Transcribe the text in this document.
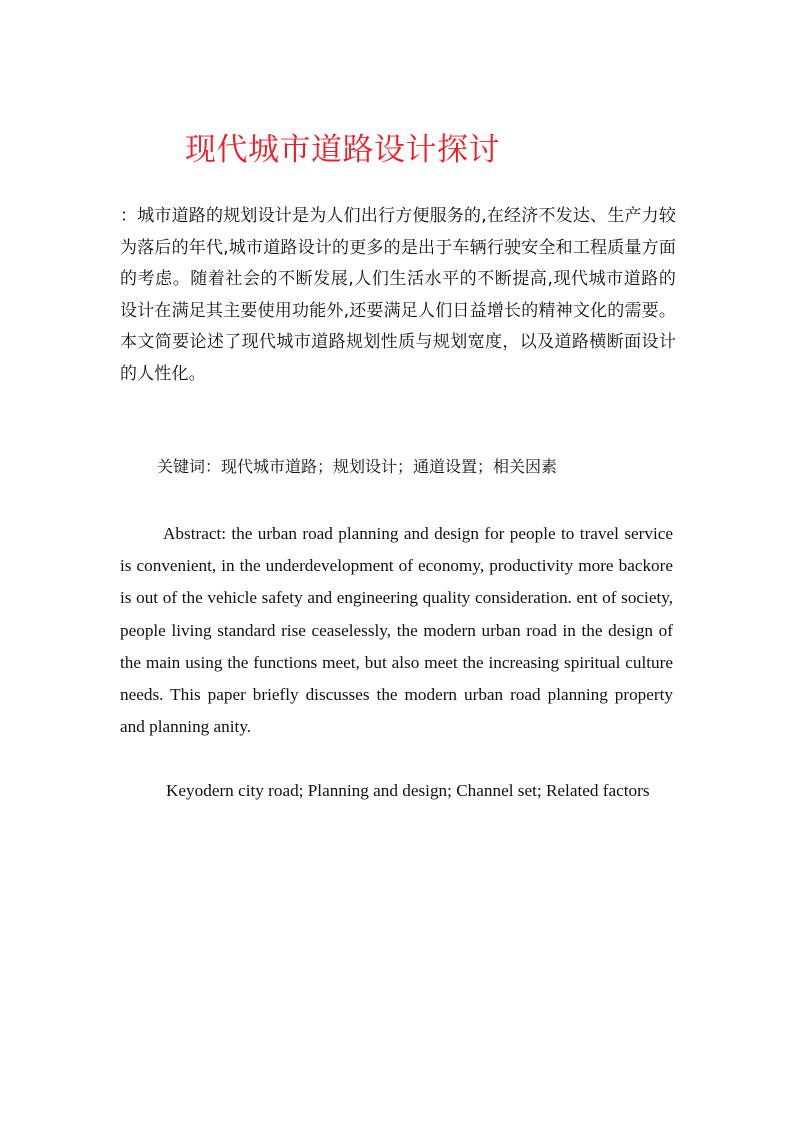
现代城市道路设计探讨
：城市道路的规划设计是为人们出行方便服务的,在经济不发达、生产力较为落后的年代,城市道路设计的更多的是出于车辆行驶安全和工程质量方面的考虑。随着社会的不断发展,人们生活水平的不断提高,现代城市道路的设计在满足其主要使用功能外,还要满足人们日益增长的精神文化的需要。本文简要论述了现代城市道路规划性质与规划宽度，以及道路横断面设计的人性化。
关键词：现代城市道路；规划设计；通道设置；相关因素
Abstract: the urban road planning and design for people to travel service is convenient, in the underdevelopment of economy, productivity more backore is out of the vehicle safety and engineering quality consideration. ent of society, people living standard rise ceaselessly, the modern urban road in the design of the main using the functions meet, but also meet the increasing spiritual culture needs. This paper briefly discusses the modern urban road planning property and planning anity.
Keyodern city road; Planning and design; Channel set; Related factors
